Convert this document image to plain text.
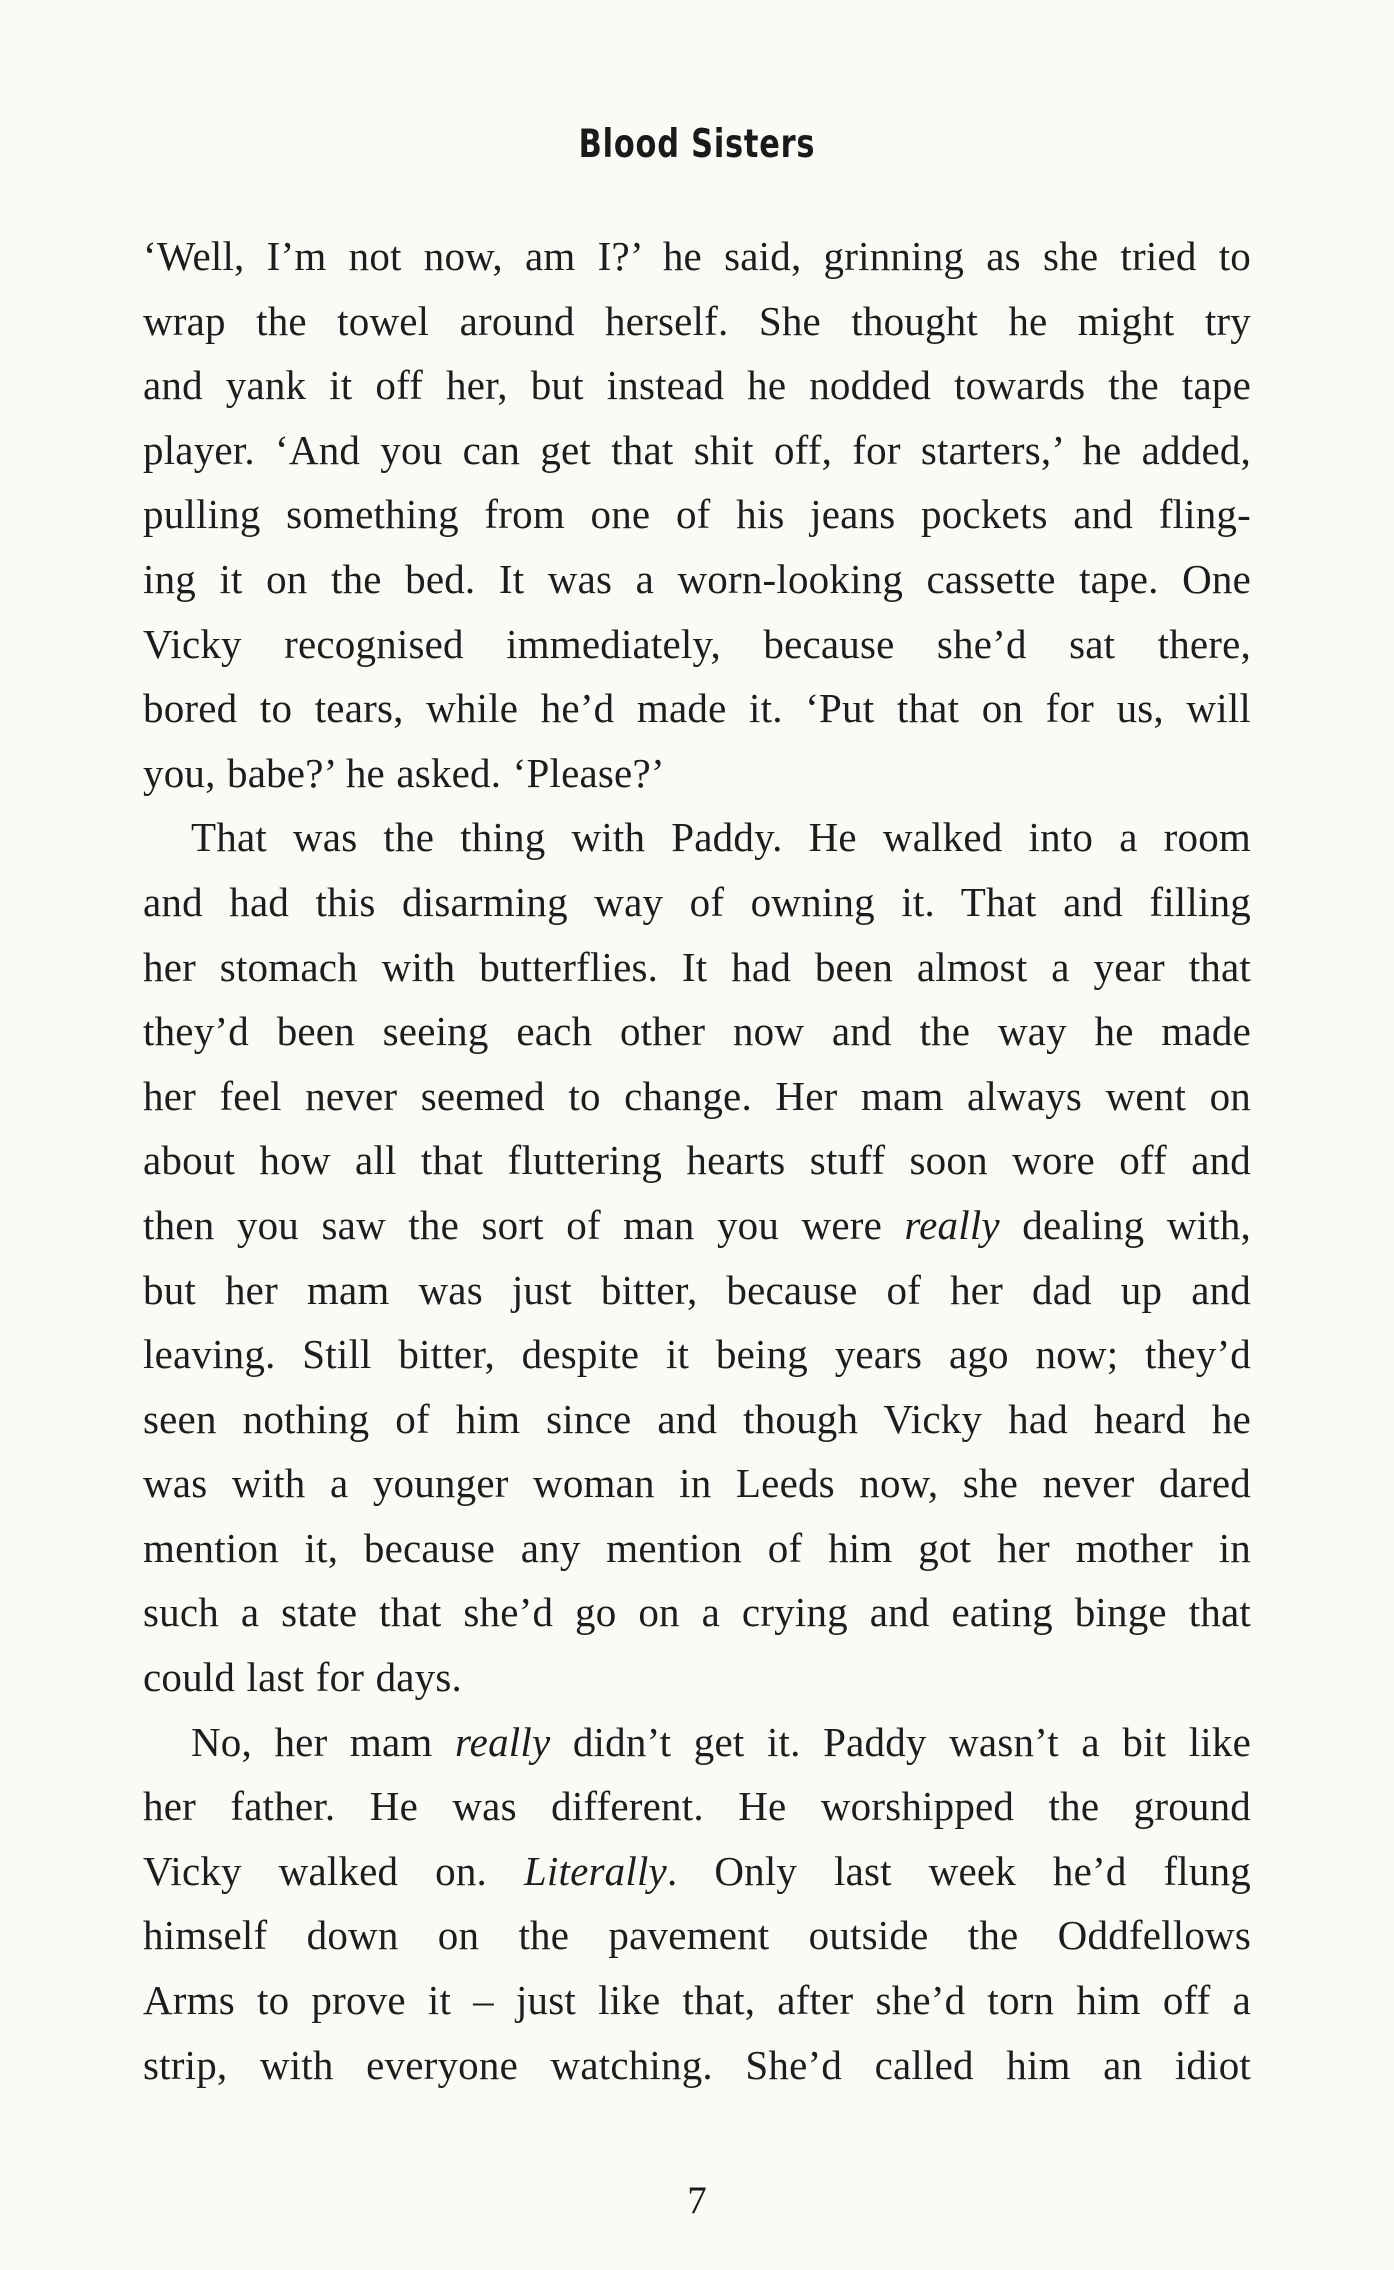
Blood Sisters
‘Well, I’m not now, am I?’ he said, grinning as she tried to
wrap the towel around herself. She thought he might try
and yank it off her, but instead he nodded towards the tape
player. ‘And you can get that shit off, for starters,’ he added,
pulling something from one of his jeans pockets and fling-
ing it on the bed. It was a worn-looking cassette tape. One
Vicky recognised immediately, because she’d sat there,
bored to tears, while he’d made it. ‘Put that on for us, will
you, babe?’ he asked. ‘Please?’
That was the thing with Paddy. He walked into a room
and had this disarming way of owning it. That and filling
her stomach with butterflies. It had been almost a year that
they’d been seeing each other now and the way he made
her feel never seemed to change. Her mam always went on
about how all that fluttering hearts stuff soon wore off and
then you saw the sort of man you were really dealing with,
but her mam was just bitter, because of her dad up and
leaving. Still bitter, despite it being years ago now; they’d
seen nothing of him since and though Vicky had heard he
was with a younger woman in Leeds now, she never dared
mention it, because any mention of him got her mother in
such a state that she’d go on a crying and eating binge that
could last for days.
No, her mam really didn’t get it. Paddy wasn’t a bit like
her father. He was different. He worshipped the ground
Vicky walked on. Literally. Only last week he’d flung
himself down on the pavement outside the Oddfellows
Arms to prove it – just like that, after she’d torn him off a
strip, with everyone watching. She’d called him an idiot
7
